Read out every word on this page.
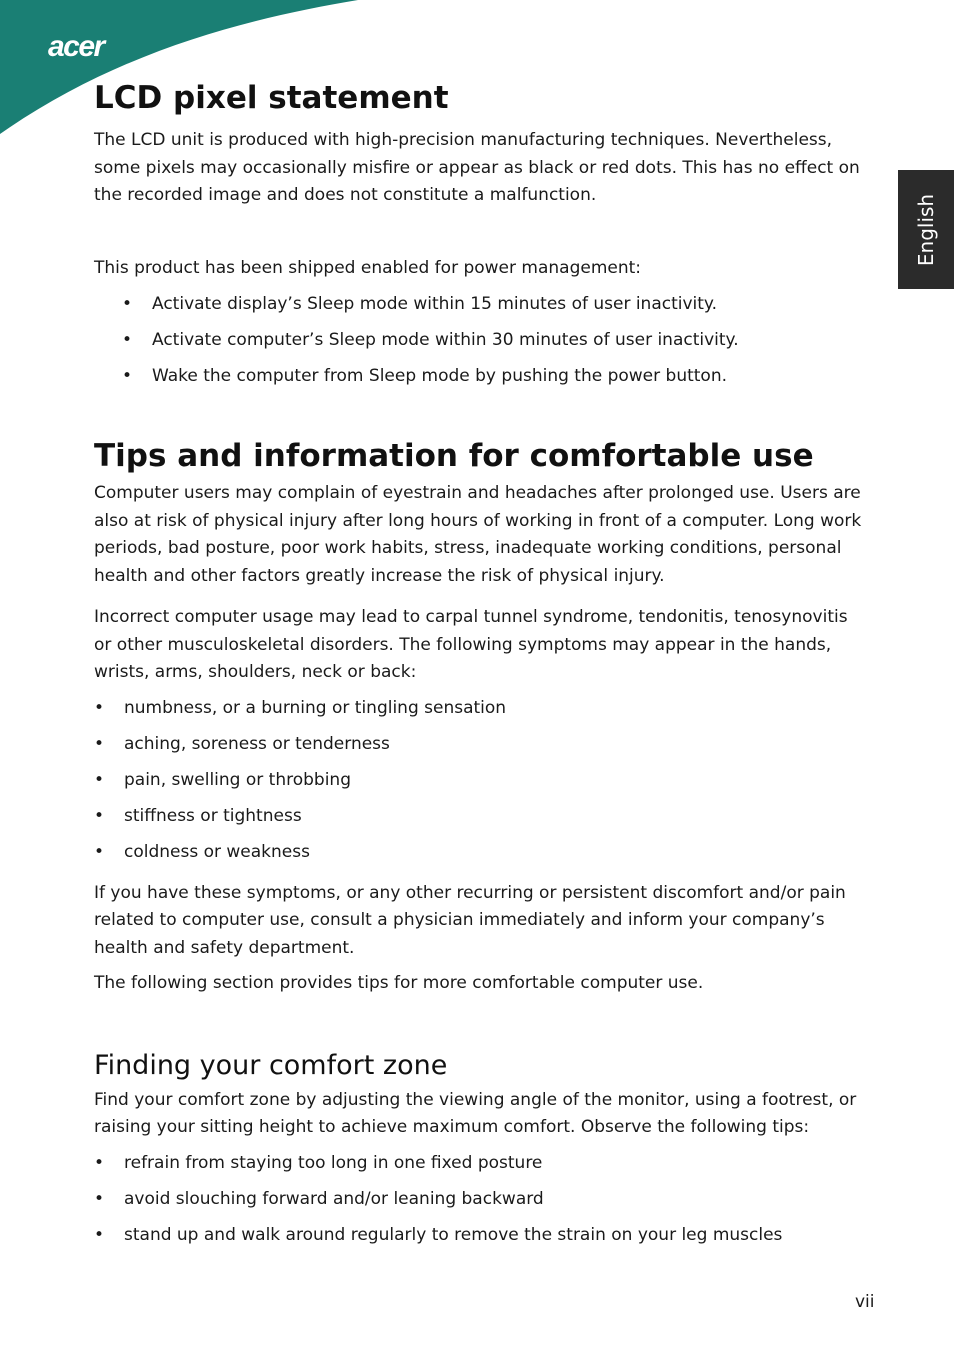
acer
English
LCD pixel statement

The LCD unit is produced with high-precision manufacturing techniques. Nevertheless, some pixels may occasionally misfire or appear as black or red dots. This has no effect on the recorded image and does not constitute a malfunction.

This product has been shipped enabled for power management:

• Activate display’s Sleep mode within 15 minutes of user inactivity.
• Activate computer’s Sleep mode within 30 minutes of user inactivity.
• Wake the computer from Sleep mode by pushing the power button.
Tips and information for comfortable use

Computer users may complain of eyestrain and headaches after prolonged use. Users are also at risk of physical injury after long hours of working in front of a computer. Long work periods, bad posture, poor work habits, stress, inadequate working conditions, personal health and other factors greatly increase the risk of physical injury.

Incorrect computer usage may lead to carpal tunnel syndrome, tendonitis, tenosynovitis or other musculoskeletal disorders. The following symptoms may appear in the hands, wrists, arms, shoulders, neck or back:

• numbness, or a burning or tingling sensation
• aching, soreness or tenderness
• pain, swelling or throbbing
• stiffness or tightness
• coldness or weakness

If you have these symptoms, or any other recurring or persistent discomfort and/or pain related to computer use, consult a physician immediately and inform your company’s health and safety department.

The following section provides tips for more comfortable computer use.

Finding your comfort zone

Find your comfort zone by adjusting the viewing angle of the monitor, using a footrest, or raising your sitting height to achieve maximum comfort. Observe the following tips:

• refrain from staying too long in one fixed posture
• avoid slouching forward and/or leaning backward
• stand up and walk around regularly to remove the strain on your leg muscles
vii
